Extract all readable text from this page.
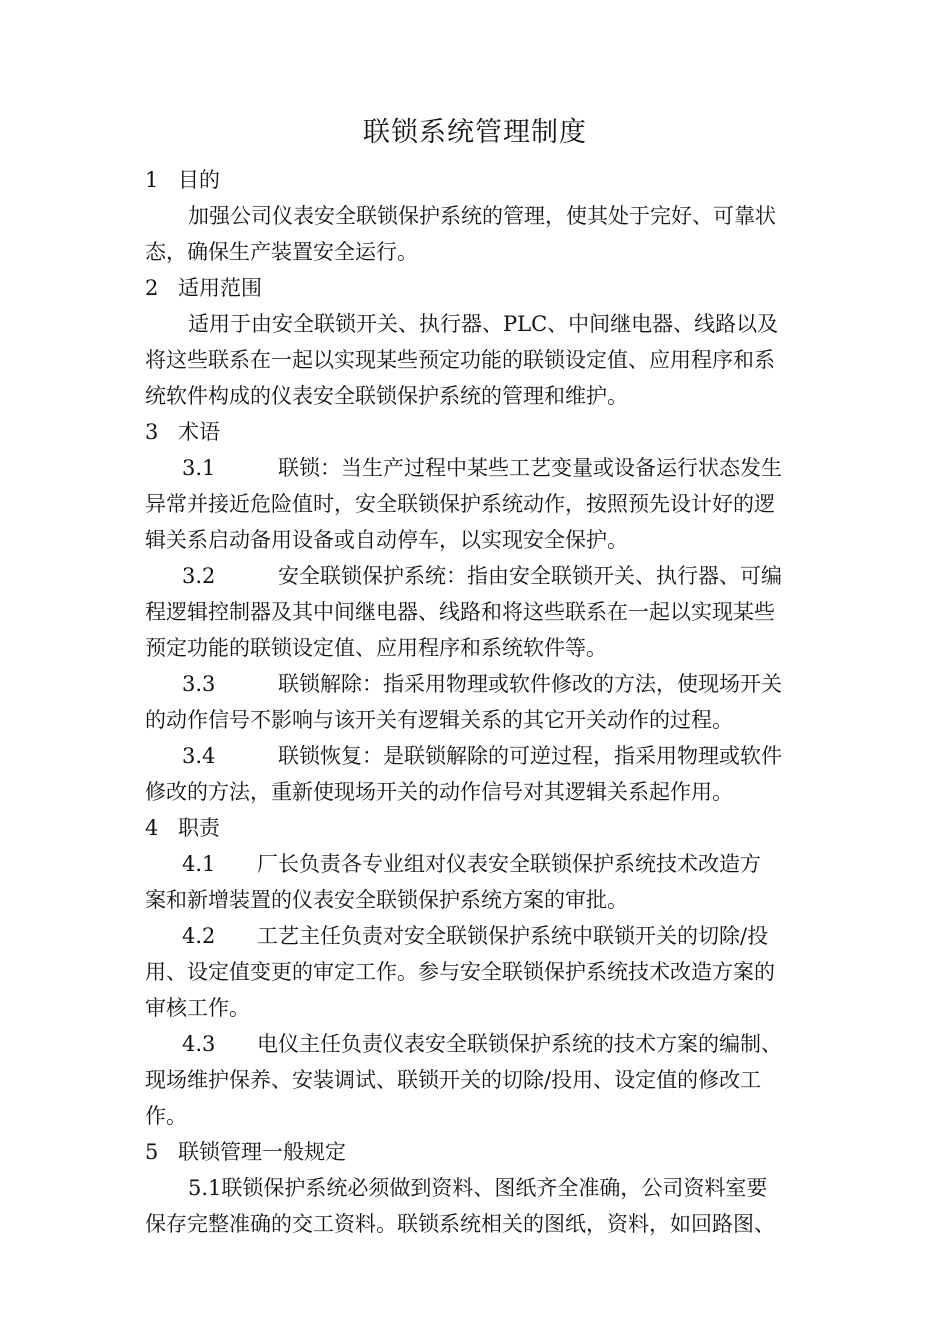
联锁系统管理制度
1 目的
加强公司仪表安全联锁保护系统的管理，使其处于完好、可靠状
态，确保生产装置安全运行。
2 适用范围
适用于由安全联锁开关、执行器、PLC、中间继电器、线路以及
将这些联系在一起以实现某些预定功能的联锁设定值、应用程序和系
统软件构成的仪表安全联锁保护系统的管理和维护。
3 术语
3.1	联锁：当生产过程中某些工艺变量或设备运行状态发生
异常并接近危险值时，安全联锁保护系统动作，按照预先设计好的逻
辑关系启动备用设备或自动停车，以实现安全保护。
3.2	安全联锁保护系统：指由安全联锁开关、执行器、可编
程逻辑控制器及其中间继电器、线路和将这些联系在一起以实现某些
预定功能的联锁设定值、应用程序和系统软件等。
3.3	联锁解除：指采用物理或软件修改的方法，使现场开关
的动作信号不影响与该开关有逻辑关系的其它开关动作的过程。
3.4	联锁恢复：是联锁解除的可逆过程，指采用物理或软件
修改的方法，重新使现场开关的动作信号对其逻辑关系起作用。
4 职责
4.1 厂长负责各专业组对仪表安全联锁保护系统技术改造方
案和新增装置的仪表安全联锁保护系统方案的审批。
4.2 工艺主任负责对安全联锁保护系统中联锁开关的切除/投
用、设定值变更的审定工作。参与安全联锁保护系统技术改造方案的
审核工作。
4.3 电仪主任负责仪表安全联锁保护系统的技术方案的编制、
现场维护保养、安装调试、联锁开关的切除/投用、设定值的修改工
作。
5 联锁管理一般规定
5.1联锁保护系统必须做到资料、图纸齐全准确，公司资料室要
保存完整准确的交工资料。联锁系统相关的图纸，资料，如回路图、
